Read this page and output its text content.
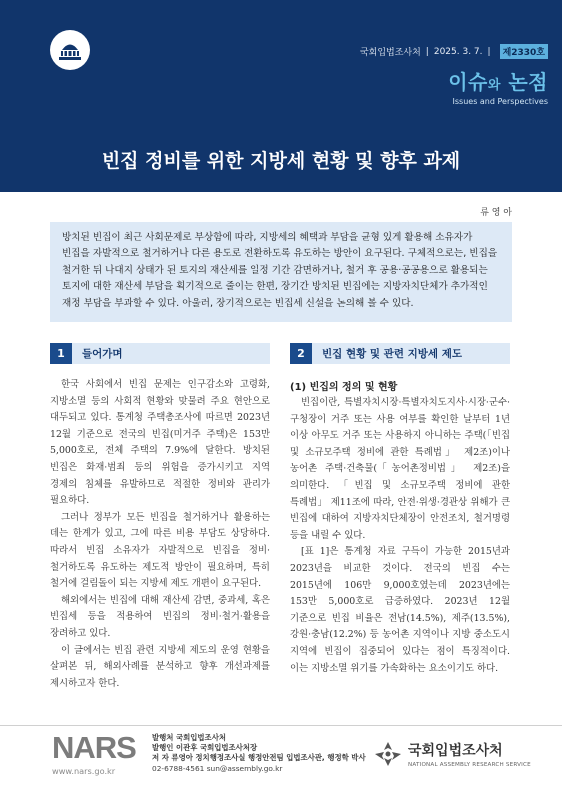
국회입법조사처 | 2025. 3. 7. |	제2330호
이슈와 논점
Issues and Perspectives
빈집 정비를 위한 지방세 현황 및 향후 과제
류 영 아
방치된 빈집이 최근 사회문제로 부상함에 따라, 지방세의 혜택과 부담을 균형 있게 활용해 소유자가 빈집을 자발적으로 철거하거나 다른 용도로 전환하도록 유도하는 방안이 요구된다. 구체적으로는, 빈집을 철거한 뒤 나대지 상태가 된 토지의 재산세를 일정 기간 감면하거나, 철거 후 공용·공공용으로 활용되는 토지에 대한 재산세 부담을 획기적으로 줄이는 한편, 장기간 방치된 빈집에는 지방자치단체가 추가적인 재정 부담을 부과할 수 있다. 아울러, 장기적으로는 빈집세 신설을 논의해 볼 수 있다.
1	들어가며

한국 사회에서 빈집 문제는 인구감소와 고령화, 지방소멸 등의 사회적 현황와 맞물려 주요 현안으로 대두되고 있다. 통계청 주택총조사에 따르면 2023년 12월 기준으로 전국의 빈집(미거주 주택)은 153만 5,000호로, 전체 주택의 7.9%에 달한다. 방치된 빈집은 화재·범죄 등의 위험을 증가시키고 지역 경제의 침체를 유발하므로 적절한 정비와 관리가 필요하다.

그러나 정부가 모든 빈집을 철거하거나 활용하는 데는 한계가 있고, 그에 따른 비용 부담도 상당하다. 따라서 빈집 소유자가 자발적으로 빈집을 정비·철거하도록 유도하는 제도적 방안이 필요하며, 특히 철거에 걸림돌이 되는 지방세 제도 개편이 요구된다.

해외에서는 빈집에 대해 재산세 감면, 중과세, 혹은 빈집세 등을 적용하여 빈집의 정비·철거·활용을 장려하고 있다.

이 글에서는 빈집 관련 지방세 제도의 운영 현황을 살펴본 뒤, 해외사례를 분석하고 향후 개선과제를 제시하고자 한다.

2	빈집 현황 및 관련 지방세 제도
(1) 빈집의 정의 및 현황

빈집이란, 특별자치시장·특별자치도지사·시장·군수·구청장이 거주 또는 사용 여부를 확인한 날부터 1년 이상 아무도 거주 또는 사용하지 아니하는 주택(「빈집 및 소규모주택 정비에 관한 특례법」 제2조)이나 농어촌 주택·건축물(「농어촌정비법」 제2조)을 의미한다. 「빈집 및 소규모주택 정비에 관한 특례법」 제11조에 따라, 안전·위생·경관상 위해가 큰 빈집에 대하여 지방자치단체장이 안전조치, 철거명령 등을 내릴 수 있다.

[표 1]은 통계청 자료 구득이 가능한 2015년과 2023년을 비교한 것이다. 전국의 빈집 수는 2015년에 106만 9,000호였는데 2023년에는 153만 5,000호로 급증하였다. 2023년 12월 기준으로 빈집 비율은 전남(14.5%), 제주(13.5%), 강원·충남(12.2%) 등 농어촌 지역이나 지방 중소도시 지역에 빈집이 집중되어 있다는 점이 특징적이다. 이는 지방소멸 위기를 가속화하는 요소이기도 하다.

NARS
www.nars.go.kr
발행처 국회입법조사처
발행인 이관후 국회입법조사처장
저 자 류영아 정치행정조사실 행정안전팀 입법조사관, 행정학 박사
02-6788-4561 sun@assembly.go.kr
국회입법조사처
NATIONAL ASSEMBLY RESEARCH SERVICE
